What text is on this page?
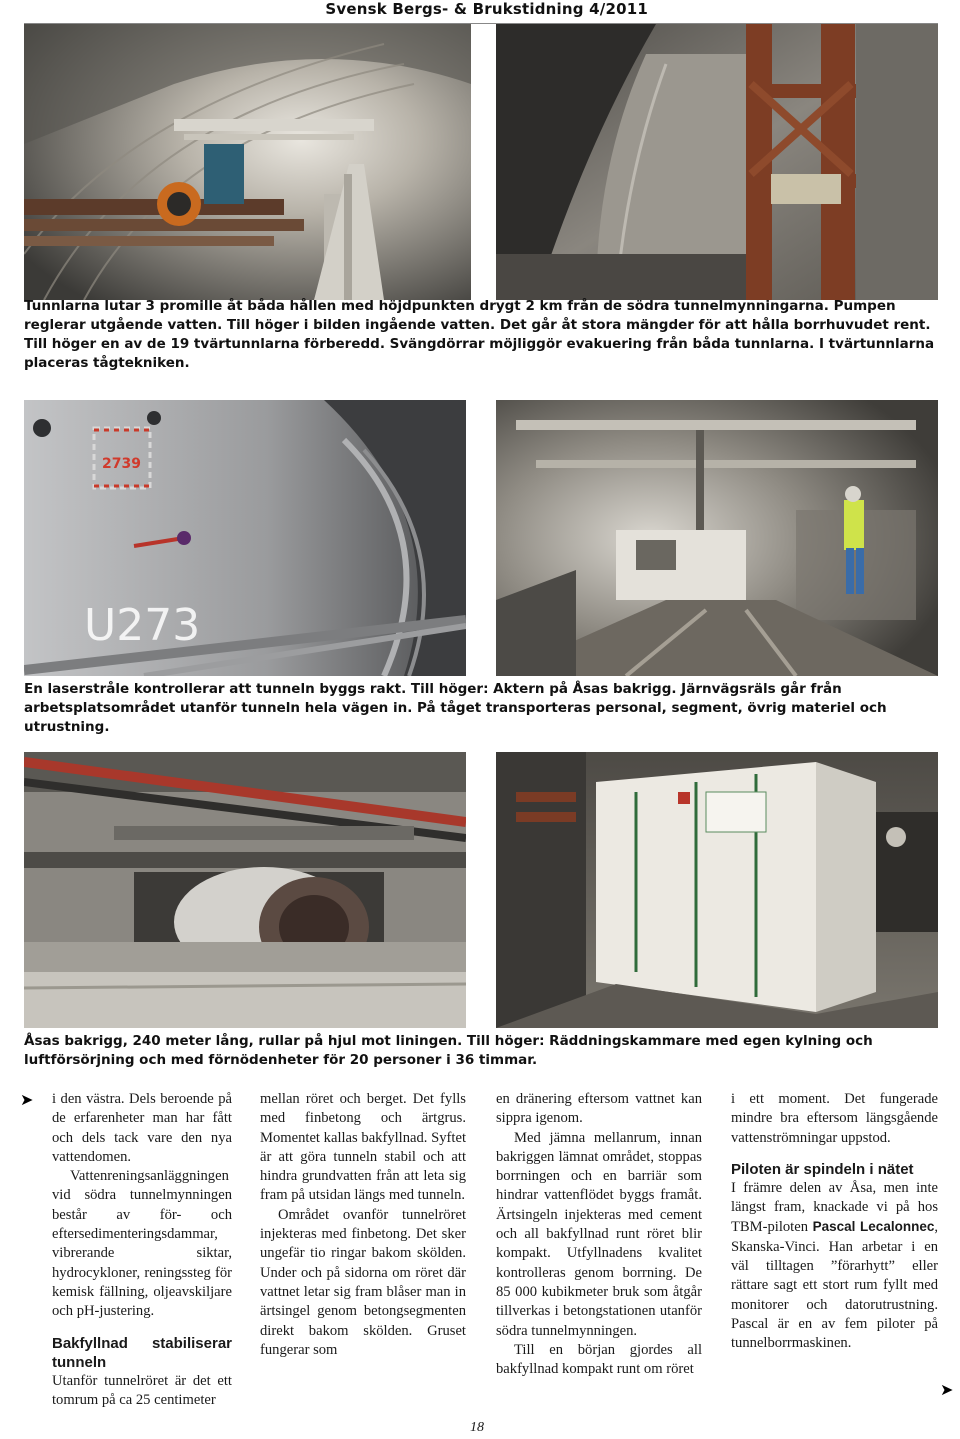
Svensk Bergs- & Brukstidning 4/2011
Tunnlarna lutar 3 promille åt båda hållen med höjdpunkten drygt 2 km från de södra tunnelmynningarna. Pumpen reglerar utgående vatten. Till höger i bilden ingående vatten. Det går åt stora mängder för att hålla borrhuvudet rent. Till höger en av de 19 tvärtunnlarna förberedd. Svängdörrar möjliggör evakuering från båda tunnlarna. I tvärtunnlarna placeras tågtekniken.
2739
U273
En laserstråle kontrollerar att tunneln byggs rakt. Till höger: Aktern på Åsas bakrigg. Järnvägsräls går från arbetsplatsområdet utanför tunneln hela vägen in. På tåget transporteras personal, segment, övrig materiel och utrustning.
Åsas bakrigg, 240 meter lång, rullar på hjul mot liningen. Till höger: Räddningskammare med egen kylning och luftförsörjning och med förnödenheter för 20 personer i 36 timmar.
➤ i den västra. Dels beroende på de erfarenheter man har fått och dels tack vare den nya vattendomen.

Vattenreningsanläggningen vid södra tunnelmynningen består av för- och eftersedimenteringsdammar, vibrerande siktar, hydrocykloner, reningssteg för kemisk fällning, oljeavskiljare och pH-justering.

Bakfyllnad stabiliserar tunneln

Utanför tunnelröret är det ett tomrum på ca 25 centimeter

mellan röret och berget. Det fylls med finbetong och ärtgrus. Momentet kallas bakfyllnad. Syftet är att göra tunneln stabil och att hindra grundvatten från att leta sig fram på utsidan längs med tunneln.

Området ovanför tunnelröret injekteras med finbetong. Det sker ungefär tio ringar bakom skölden. Under och på sidorna om röret där vattnet letar sig fram blåser man in ärtsingel genom betongsegmenten direkt bakom skölden. Gruset fungerar som

en dränering eftersom vattnet kan sippra igenom.

Med jämna mellanrum, innan bakriggen lämnat området, stoppas borrningen och en barriär som hindrar vattenflödet byggs framåt. Ärtsingeln injekteras med cement och all bakfyllnad runt röret blir kompakt. Utfyllnadens kvalitet kontrolleras genom borrning. De 85 000 kubikmeter bruk som åtgår tillverkas i betongstationen utanför södra tunnelmynningen.

Till en början gjordes all bakfyllnad kompakt runt om röret

i ett moment. Det fungerade mindre bra eftersom längsgående vattenströmningar uppstod.

Piloten är spindeln i nätet

I främre delen av Åsa, men inte längst fram, knackade vi på hos TBM-piloten Pascal Lecalonnec, Skanska-Vinci. Han arbetar i en väl tilltagen ”förarhytt” eller rättare sagt ett stort rum fyllt med monitorer och datorutrustning. Pascal är en av fem piloter på tunnelborrmaskinen.

➤
18
